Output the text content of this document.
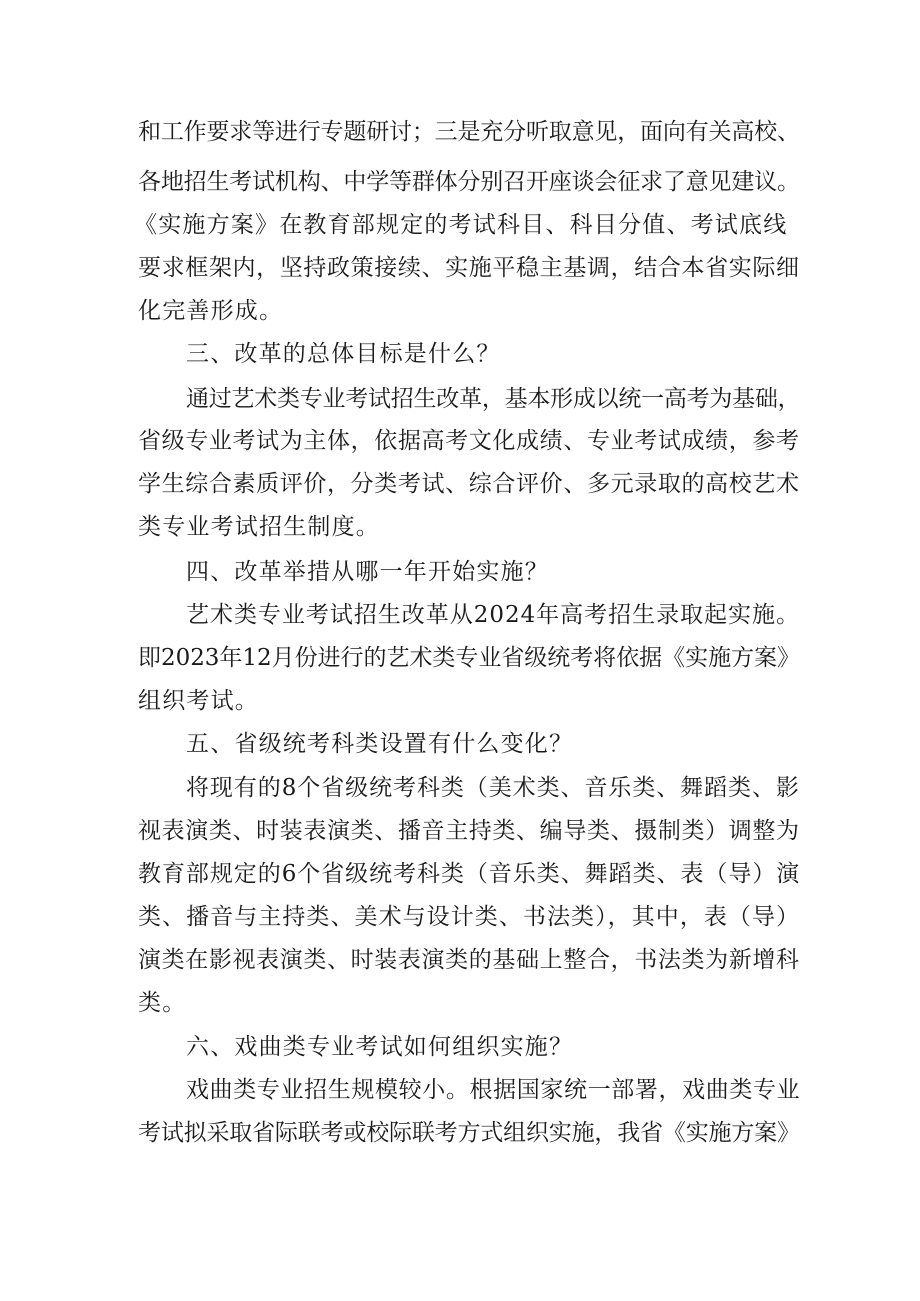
和工作要求等进行专题研讨；三是充分听取意见，面向有关高校、
各地招生考试机构、中学等群体分别召开座谈会征求了意见建议。
《实施方案》在教育部规定的考试科目、科目分值、考试底线
要求框架内，坚持政策接续、实施平稳主基调，结合本省实际细
化完善形成。
三、改革的总体目标是什么？
通过艺术类专业考试招生改革，基本形成以统一高考为基础，
省级专业考试为主体，依据高考文化成绩、专业考试成绩，参考
学生综合素质评价，分类考试、综合评价、多元录取的高校艺术
类专业考试招生制度。
四、改革举措从哪一年开始实施？
艺术类专业考试招生改革从2024年高考招生录取起实施。
即2023年12月份进行的艺术类专业省级统考将依据《实施方案》
组织考试。
五、省级统考科类设置有什么变化？
将现有的8个省级统考科类（美术类、音乐类、舞蹈类、影
视表演类、时装表演类、播音主持类、编导类、摄制类）调整为
教育部规定的6个省级统考科类（音乐类、舞蹈类、表（导）演
类、播音与主持类、美术与设计类、书法类），其中，表（导）
演类在影视表演类、时装表演类的基础上整合，书法类为新增科
类。
六、戏曲类专业考试如何组织实施？
戏曲类专业招生规模较小。根据国家统一部署，戏曲类专业
考试拟采取省际联考或校际联考方式组织实施，我省《实施方案》
